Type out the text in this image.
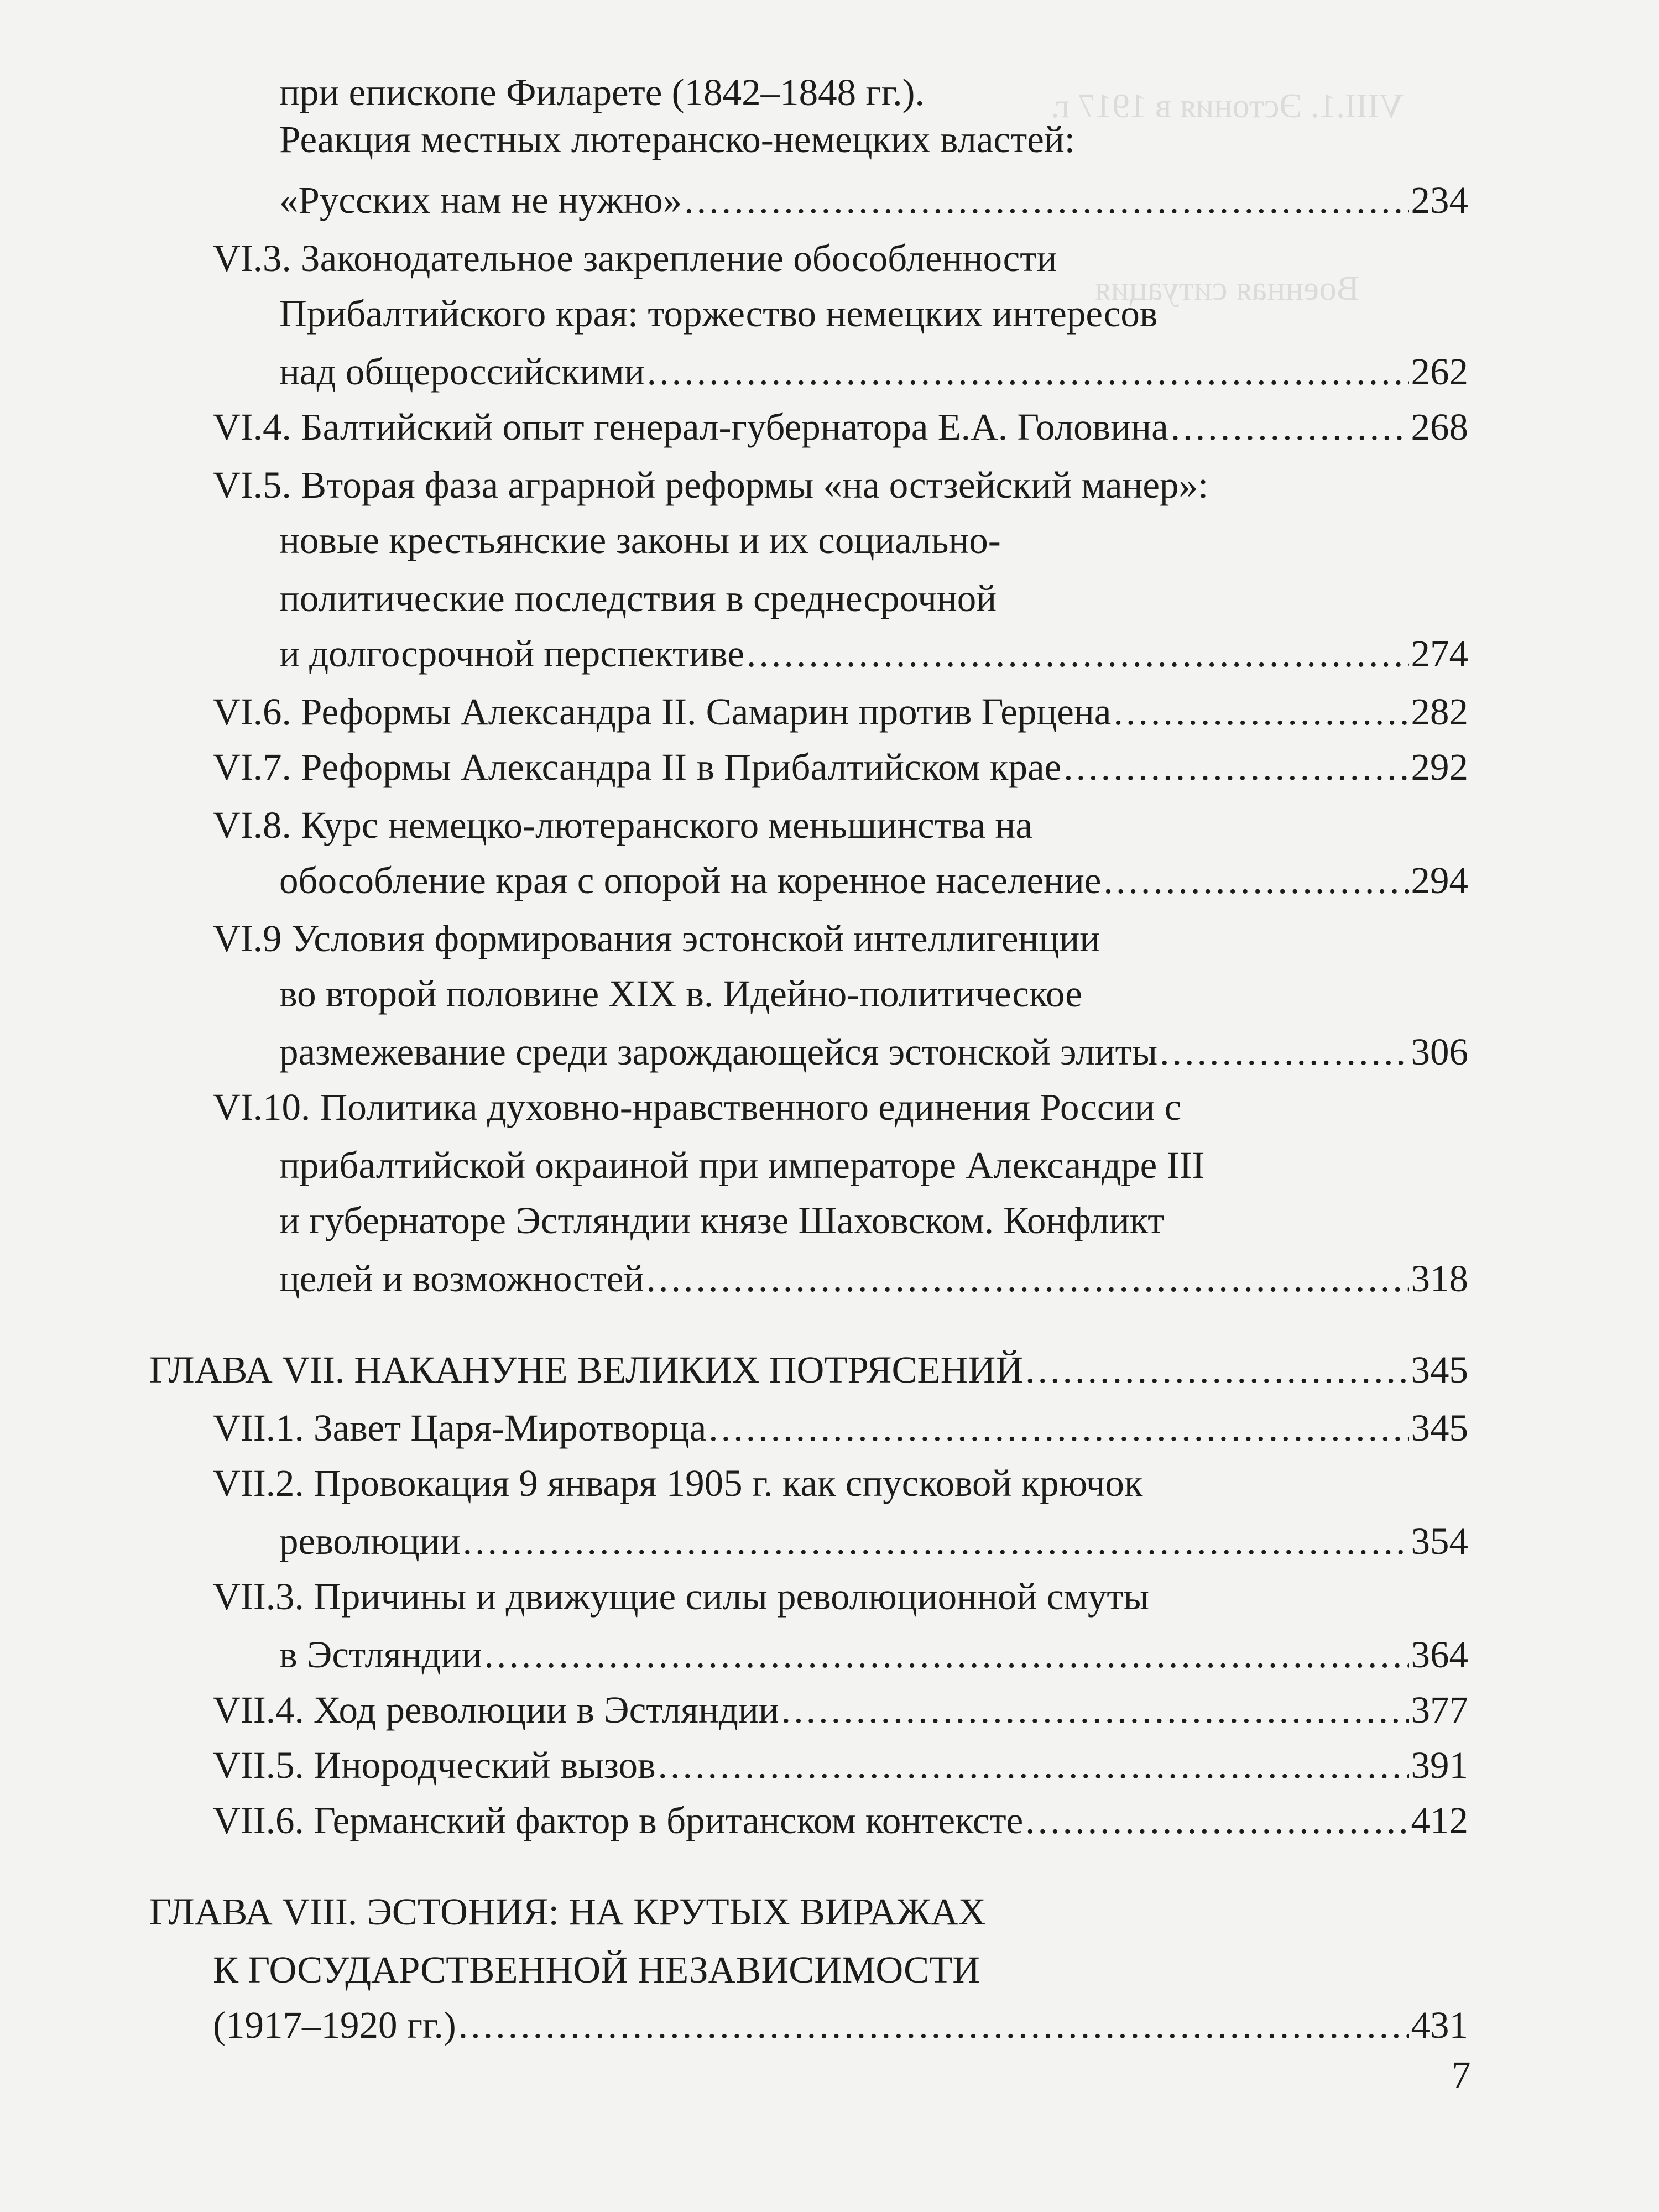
VIII.1. Эстония в 1917 г.
Военная ситуация
при епископе Филарете (1842–1848 гг.).
Реакция местных лютеранско-немецких властей:
«Русских нам не нужно» . . .	234
VI.3. Законодательное закрепление обособленности
Прибалтийского края: торжество немецких интересов
над общероссийскими . . .	262
VI.4. Балтийский опыт генерал-губернатора Е.А. Головина . . .	268
VI.5. Вторая фаза аграрной реформы «на остзейский манер»:
новые крестьянские законы и их социально-
политические последствия в среднесрочной
и долгосрочной перспективе . . .	274
VI.6. Реформы Александра II. Самарин против Герцена . . .	282
VI.7. Реформы Александра II в Прибалтийском крае . . .	292
VI.8. Курс немецко-лютеранского меньшинства на
обособление края с опорой на коренное население . . .	294
VI.9 Условия формирования эстонской интеллигенции
во второй половине XIX в. Идейно-политическое
размежевание среди зарождающейся эстонской элиты . . .	306
VI.10. Политика духовно-нравственного единения России с
прибалтийской окраиной при императоре Александре III
и губернаторе Эстляндии князе Шаховском. Конфликт
целей и возможностей . . .	318
ГЛАВА VII. НАКАНУНЕ ВЕЛИКИХ ПОТРЯСЕНИЙ . . .	345
VII.1. Завет Царя-Миротворца . . .	345
VII.2. Провокация 9 января 1905 г. как спусковой крючок
революции . . .	354
VII.3. Причины и движущие силы революционной смуты
в Эстляндии . . .	364
VII.4. Ход революции в Эстляндии . . .	377
VII.5. Инородческий вызов . . .	391
VII.6. Германский фактор в британском контексте . . .	412
ГЛАВА VIII. ЭСТОНИЯ: НА КРУТЫХ ВИРАЖАХ
К ГОСУДАРСТВЕННОЙ НЕЗАВИСИМОСТИ
(1917–1920 гг.) . . .	431
7
